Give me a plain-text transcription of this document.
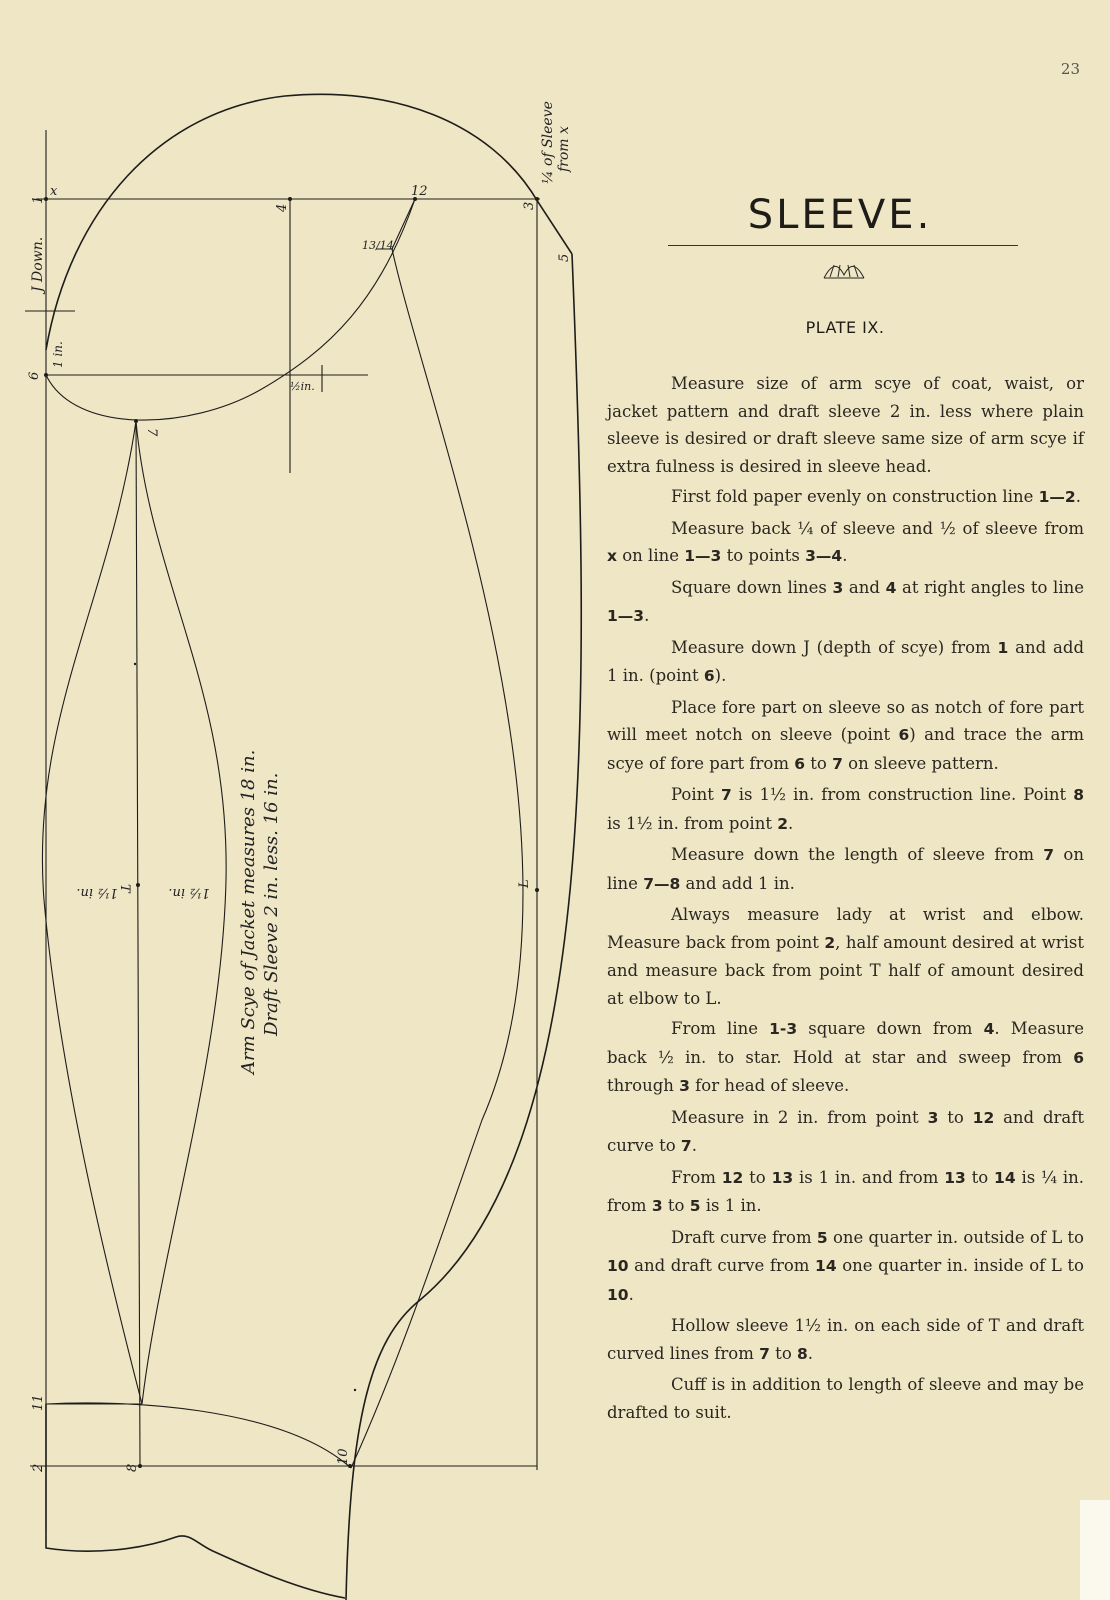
23
1
x	12
3
4
13/14
5
J Down.
1 in.
6
½in.
7
T
1½ in.	1½ in.
L
11
2	8
10
¼ of Sleeve from x
Arm Scye of Jacket measures 18 in. Draft Sleeve 2 in. less. 16 in.
SLEEVE.
PLATE IX.

Measure size of arm scye of coat, waist, or jacket pattern and draft sleeve 2 in. less where plain sleeve is desired or draft sleeve same size of arm scye if extra fulness is desired in sleeve head.

First fold paper evenly on construction line 1—2.

Measure back ¼ of sleeve and ½ of sleeve from x on line 1—3 to points 3—4.

Square down lines 3 and 4 at right angles to line 1—3.

Measure down J (depth of scye) from 1 and add 1 in. (point 6).

Place fore part on sleeve so as notch of fore part will meet notch on sleeve (point 6) and trace the arm scye of fore part from 6 to 7 on sleeve pattern.

Point 7 is 1½ in. from construction line. Point 8 is 1½ in. from point 2.

Measure down the length of sleeve from 7 on line 7—8 and add 1 in.

Always measure lady at wrist and elbow. Measure back from point 2, half amount desired at wrist and measure back from point T half of amount desired at elbow to L.

From line 1-3 square down from 4. Measure back ½ in. to star. Hold at star and sweep from 6 through 3 for head of sleeve.

Measure in 2 in. from point 3 to 12 and draft curve to 7.

From 12 to 13 is 1 in. and from 13 to 14 is ¼ in. from 3 to 5 is 1 in.

Draft curve from 5 one quarter in. outside of L to 10 and draft curve from 14 one quarter in. inside of L to 10.

Hollow sleeve 1½ in. on each side of T and draft curved lines from 7 to 8.

Cuff is in addition to length of sleeve and may be drafted to suit.
